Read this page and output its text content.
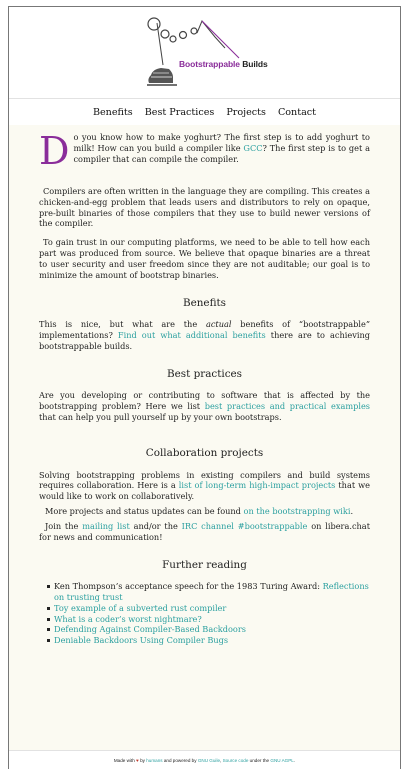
Bootstrappable Builds
Benefits	Best Practices	Projects	Contact

Do you know how to make yoghurt? The first step is to add yoghurt to milk! How can you build a compiler like GCC? The first step is to get a compiler that can compile the compiler.

Compilers are often written in the language they are compiling. This creates a chicken-and-egg problem that leads users and distributors to rely on opaque, pre-built binaries of those compilers that they use to build newer versions of the compiler.

To gain trust in our computing platforms, we need to be able to tell how each part was produced from source. We believe that opaque binaries are a threat to user security and user freedom since they are not auditable; our goal is to minimize the amount of bootstrap binaries.

Benefits

This is nice, but what are the actual benefits of “bootstrappable” implementations? Find out what additional benefits there are to achieving bootstrappable builds.

Best practices

Are you developing or contributing to software that is affected by the bootstrapping problem? Here we list best practices and practical examples that can help you pull yourself up by your own bootstraps.

Collaboration projects

Solving bootstrapping problems in existing compilers and build systems requires collaboration. Here is a list of long-term high-impact projects that we would like to work on collaboratively.

More projects and status updates can be found on the bootstrapping wiki.

Join the mailing list and/or the IRC channel #bootstrappable on libera.chat for news and communication!

Further reading
Ken Thompson’s acceptance speech for the 1983 Turing Award: Reflections on trusting trust
Toy example of a subverted rust compiler
What is a coder’s worst nightmare?
Defending Against Compiler-Based Backdoors
Deniable Backdoors Using Compiler Bugs
Made with
♥
by
humans
and powered by
GNU Guile , Source code
under the
GNU AGPL .
